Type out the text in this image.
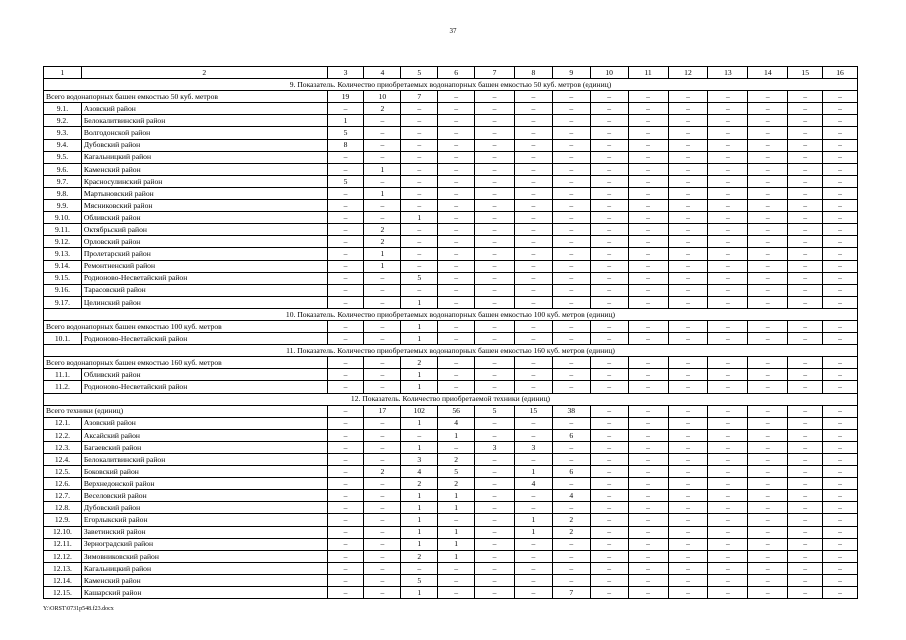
37
1	2	3	4	5	6	7	8	9	10	11	12	13	14	15	16
9. Показатель. Количество приобретаемых водонапорных башен емкостью 50 куб. метров (единиц)															
Всего водонапорных башен емкостью 50 куб. метров		19	10	7	–	–	–	–	–	–	–	–	–	–	–
9.1.	Азовский район	–	2	–	–	–	–	–	–	–	–	–	–	–	–
9.2.	Белокалитвинский район	1	–	–	–	–	–	–	–	–	–	–	–	–	–
9.3.	Волгодонской район	5	–	–	–	–	–	–	–	–	–	–	–	–	–
9.4.	Дубовский район	8	–	–	–	–	–	–	–	–	–	–	–	–	–
9.5.	Кагальницкий район	–	–	–	–	–	–	–	–	–	–	–	–	–	–
9.6.	Каменский район	–	1	–	–	–	–	–	–	–	–	–	–	–	–
9.7.	Красносулинский район	5	–	–	–	–	–	–	–	–	–	–	–	–	–
9.8.	Мартыновский район	–	1	–	–	–	–	–	–	–	–	–	–	–	–
9.9.	Мясниковский район	–	–	–	–	–	–	–	–	–	–	–	–	–	–
9.10.	Обливский район	–	–	1	–	–	–	–	–	–	–	–	–	–	–
9.11.	Октябрьский район	–	2	–	–	–	–	–	–	–	–	–	–	–	–
9.12.	Орловский район	–	2	–	–	–	–	–	–	–	–	–	–	–	–
9.13.	Пролетарский район	–	1	–	–	–	–	–	–	–	–	–	–	–	–
9.14.	Ремонтненский район	–	1	–	–	–	–	–	–	–	–	–	–	–	–
9.15.	Родионово-Несветайский район	–	–	5	–	–	–	–	–	–	–	–	–	–	–
9.16.	Тарасовский район	–	–	–	–	–	–	–	–	–	–	–	–	–	–
9.17.	Целинский район	–	–	1	–	–	–	–	–	–	–	–	–	–	–
10. Показатель. Количество приобретаемых водонапорных башен емкостью 100 куб. метров (единиц)															
Всего водонапорных башен емкостью 100 куб. метров		–	–	1	–	–	–	–	–	–	–	–	–	–	–
10.1.	Родионово-Несветайский район	–	–	1	–	–	–	–	–	–	–	–	–	–	–
11. Показатель. Количество приобретаемых водонапорных башен емкостью 160 куб. метров (единиц)															
Всего водонапорных башен емкостью 160 куб. метров		–	–	2	–	–	–	–	–	–	–	–	–	–	–
11.1.	Обливский район	–	–	1	–	–	–	–	–	–	–	–	–	–	–
11.2.	Родионово-Несветайский район	–	–	1	–	–	–	–	–	–	–	–	–	–	–
12. Показатель. Количество приобретаемой техники (единиц)															
Всего техники (единиц)		–	17	102	56	5	15	38	–	–	–	–	–	–	–
12.1.	Азовский район	–	–	1	4	–	–	–	–	–	–	–	–	–	–
12.2.	Аксайский район	–	–	–	1	–	–	6	–	–	–	–	–	–	–
12.3.	Багаевский район	–	–	1	–	3	3	–	–	–	–	–	–	–	–
12.4.	Белокалитвинский район	–	–	3	2	–	–	–	–	–	–	–	–	–	–
12.5.	Боковский район	–	2	4	5	–	1	6	–	–	–	–	–	–	–
12.6.	Верхнедонской район	–	–	2	2	–	4	–	–	–	–	–	–	–	–
12.7.	Веселовский район	–	–	1	1	–	–	4	–	–	–	–	–	–	–
12.8.	Дубовский район	–	–	1	1	–	–	–	–	–	–	–	–	–	–
12.9.	Егорлыкский район	–	–	1	–	–	1	2	–	–	–	–	–	–	–
12.10.	Заветинский район	–	–	1	1	–	1	2	–	–	–	–	–	–	–
12.11.	Зерноградский район	–	–	1	1	–	–	–	–	–	–	–	–	–	–
12.12.	Зимовниковский район	–	–	2	1	–	–	–	–	–	–	–	–	–	–
12.13.	Кагальницкий район	–	–	–	–	–	–	–	–	–	–	–	–	–	–
12.14.	Каменский район	–	–	5	–	–	–	–	–	–	–	–	–	–	–
12.15.	Кашарский район	–	–	1	–	–	–	7	–	–	–	–	–	–	–
Y:\ORST\0731p548.f23.docx
